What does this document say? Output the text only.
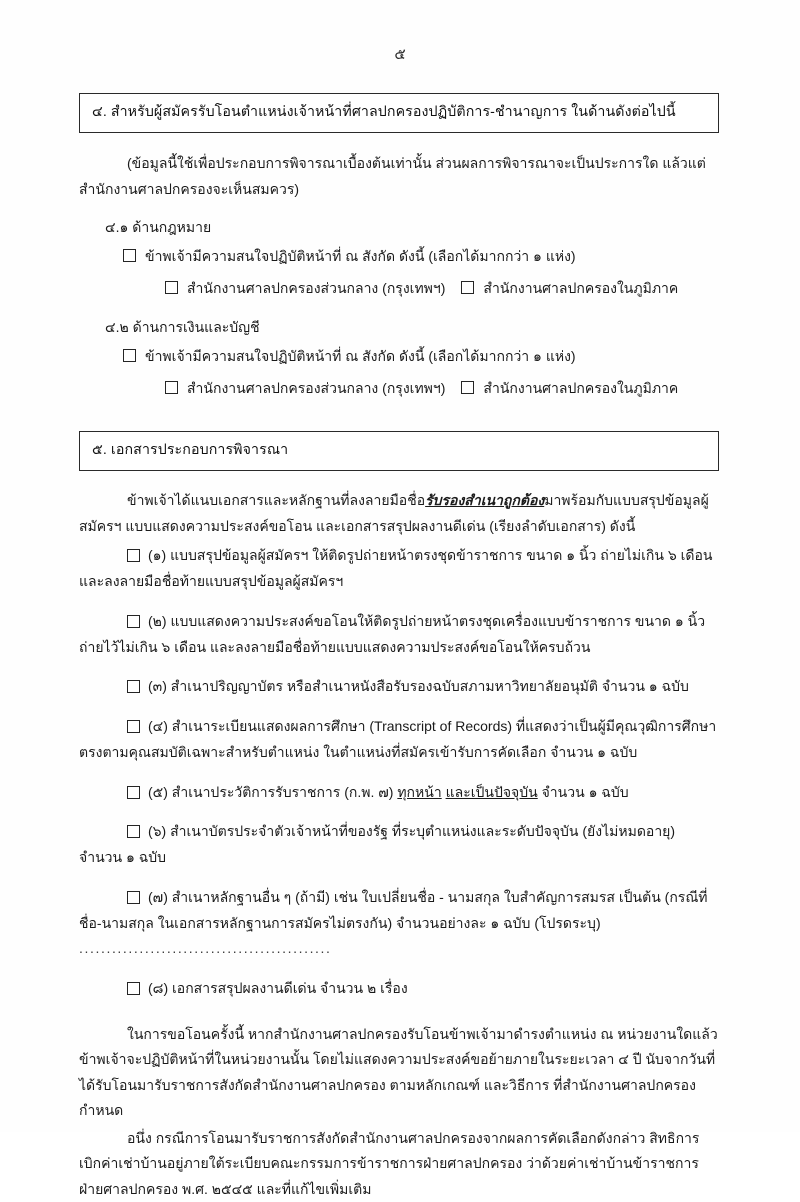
๕
๔. สำหรับผู้สมัครรับโอนตำแหน่งเจ้าหน้าที่ศาลปกครองปฏิบัติการ-ชำนาญการ ในด้านดังต่อไปนี้

(ข้อมูลนี้ใช้เพื่อประกอบการพิจารณาเบื้องต้นเท่านั้น ส่วนผลการพิจารณาจะเป็นประการใด แล้วแต่สำนักงานศาลปกครองจะเห็นสมควร)

๔.๑ ด้านกฎหมาย
ข้าพเจ้ามีความสนใจปฏิบัติหน้าที่ ณ สังกัด ดังนี้ (เลือกได้มากกว่า ๑ แห่ง)
สำนักงานศาลปกครองส่วนกลาง (กรุงเทพฯ)	สำนักงานศาลปกครองในภูมิภาค
๔.๒ ด้านการเงินและบัญชี
ข้าพเจ้ามีความสนใจปฏิบัติหน้าที่ ณ สังกัด ดังนี้ (เลือกได้มากกว่า ๑ แห่ง)
สำนักงานศาลปกครองส่วนกลาง (กรุงเทพฯ)	สำนักงานศาลปกครองในภูมิภาค
๕. เอกสารประกอบการพิจารณา

ข้าพเจ้าได้แนบเอกสารและหลักฐานที่ลงลายมือชื่อรับรองสำเนาถูกต้องมาพร้อมกับแบบสรุปข้อมูลผู้สมัครฯ แบบแสดงความประสงค์ขอโอน และเอกสารสรุปผลงานดีเด่น (เรียงลำดับเอกสาร) ดังนี้

(๑) แบบสรุปข้อมูลผู้สมัครฯ ให้ติดรูปถ่ายหน้าตรงชุดข้าราชการ ขนาด ๑ นิ้ว ถ่ายไม่เกิน ๖ เดือน และลงลายมือชื่อท้ายแบบสรุปข้อมูลผู้สมัครฯ

(๒) แบบแสดงความประสงค์ขอโอนให้ติดรูปถ่ายหน้าตรงชุดเครื่องแบบข้าราชการ ขนาด ๑ นิ้ว ถ่ายไว้ไม่เกิน ๖ เดือน และลงลายมือชื่อท้ายแบบแสดงความประสงค์ขอโอนให้ครบถ้วน

(๓) สำเนาปริญญาบัตร หรือสำเนาหนังสือรับรองฉบับสภามหาวิทยาลัยอนุมัติ จำนวน ๑ ฉบับ

(๔) สำเนาระเบียนแสดงผลการศึกษา (Transcript of Records) ที่แสดงว่าเป็นผู้มีคุณวุฒิการศึกษาตรงตามคุณสมบัติเฉพาะสำหรับตำแหน่ง ในตำแหน่งที่สมัครเข้ารับการคัดเลือก จำนวน ๑ ฉบับ

(๕) สำเนาประวัติการรับราชการ (ก.พ. ๗) ทุกหน้า และเป็นปัจจุบัน จำนวน ๑ ฉบับ

(๖) สำเนาบัตรประจำตัวเจ้าหน้าที่ของรัฐ ที่ระบุตำแหน่งและระดับปัจจุบัน (ยังไม่หมดอายุ) จำนวน ๑ ฉบับ

(๗) สำเนาหลักฐานอื่น ๆ (ถ้ามี) เช่น ใบเปลี่ยนชื่อ - นามสกุล ใบสำคัญการสมรส เป็นต้น (กรณีที่ชื่อ-นามสกุล ในเอกสารหลักฐานการสมัครไม่ตรงกัน) จำนวนอย่างละ ๑ ฉบับ (โปรดระบุ) ..............................................

(๘) เอกสารสรุปผลงานดีเด่น จำนวน ๒ เรื่อง

ในการขอโอนครั้งนี้ หากสำนักงานศาลปกครองรับโอนข้าพเจ้ามาดำรงตำแหน่ง ณ หน่วยงานใดแล้ว ข้าพเจ้าจะปฏิบัติหน้าที่ในหน่วยงานนั้น โดยไม่แสดงความประสงค์ขอย้ายภายในระยะเวลา ๔ ปี นับจากวันที่ได้รับโอนมารับราชการสังกัดสำนักงานศาลปกครอง ตามหลักเกณฑ์ และวิธีการ ที่สำนักงานศาลปกครองกำหนด

อนึ่ง กรณีการโอนมารับราชการสังกัดสำนักงานศาลปกครองจากผลการคัดเลือกดังกล่าว สิทธิการเบิกค่าเช่าบ้านอยู่ภายใต้ระเบียบคณะกรรมการข้าราชการฝ่ายศาลปกครอง ว่าด้วยค่าเช่าบ้านข้าราชการฝ่ายศาลปกครอง พ.ศ. ๒๕๔๕ และที่แก้ไขเพิ่มเติม
